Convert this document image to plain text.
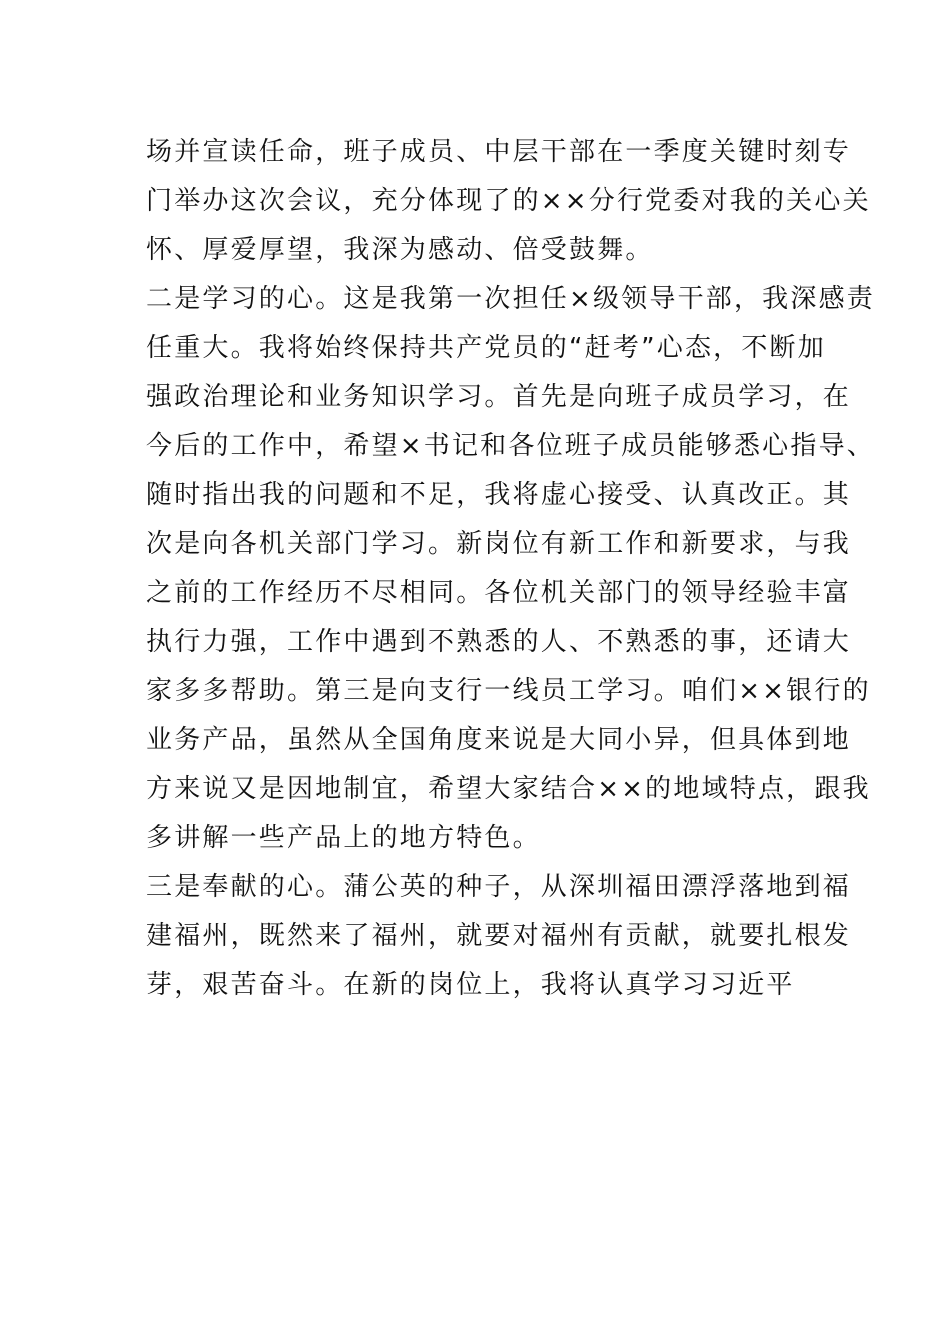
场并宣读任命，班子成员、中层干部在一季度关键时刻专
门举办这次会议，充分体现了的××分行党委对我的关心关
怀、厚爱厚望，我深为感动、倍受鼓舞。
二是学习的心。这是我第一次担任×级领导干部，我深感责
任重大。我将始终保持共产党员的“赶考”心态，不断加
强政治理论和业务知识学习。首先是向班子成员学习，在
今后的工作中，希望×书记和各位班子成员能够悉心指导、
随时指出我的问题和不足，我将虚心接受、认真改正。其
次是向各机关部门学习。新岗位有新工作和新要求，与我
之前的工作经历不尽相同。各位机关部门的领导经验丰富
执行力强，工作中遇到不熟悉的人、不熟悉的事，还请大
家多多帮助。第三是向支行一线员工学习。咱们××银行的
业务产品，虽然从全国角度来说是大同小异，但具体到地
方来说又是因地制宜，希望大家结合××的地域特点，跟我
多讲解一些产品上的地方特色。
三是奉献的心。蒲公英的种子，从深圳福田漂浮落地到福
建福州，既然来了福州，就要对福州有贡献，就要扎根发
芽，艰苦奋斗。在新的岗位上，我将认真学习习近平
